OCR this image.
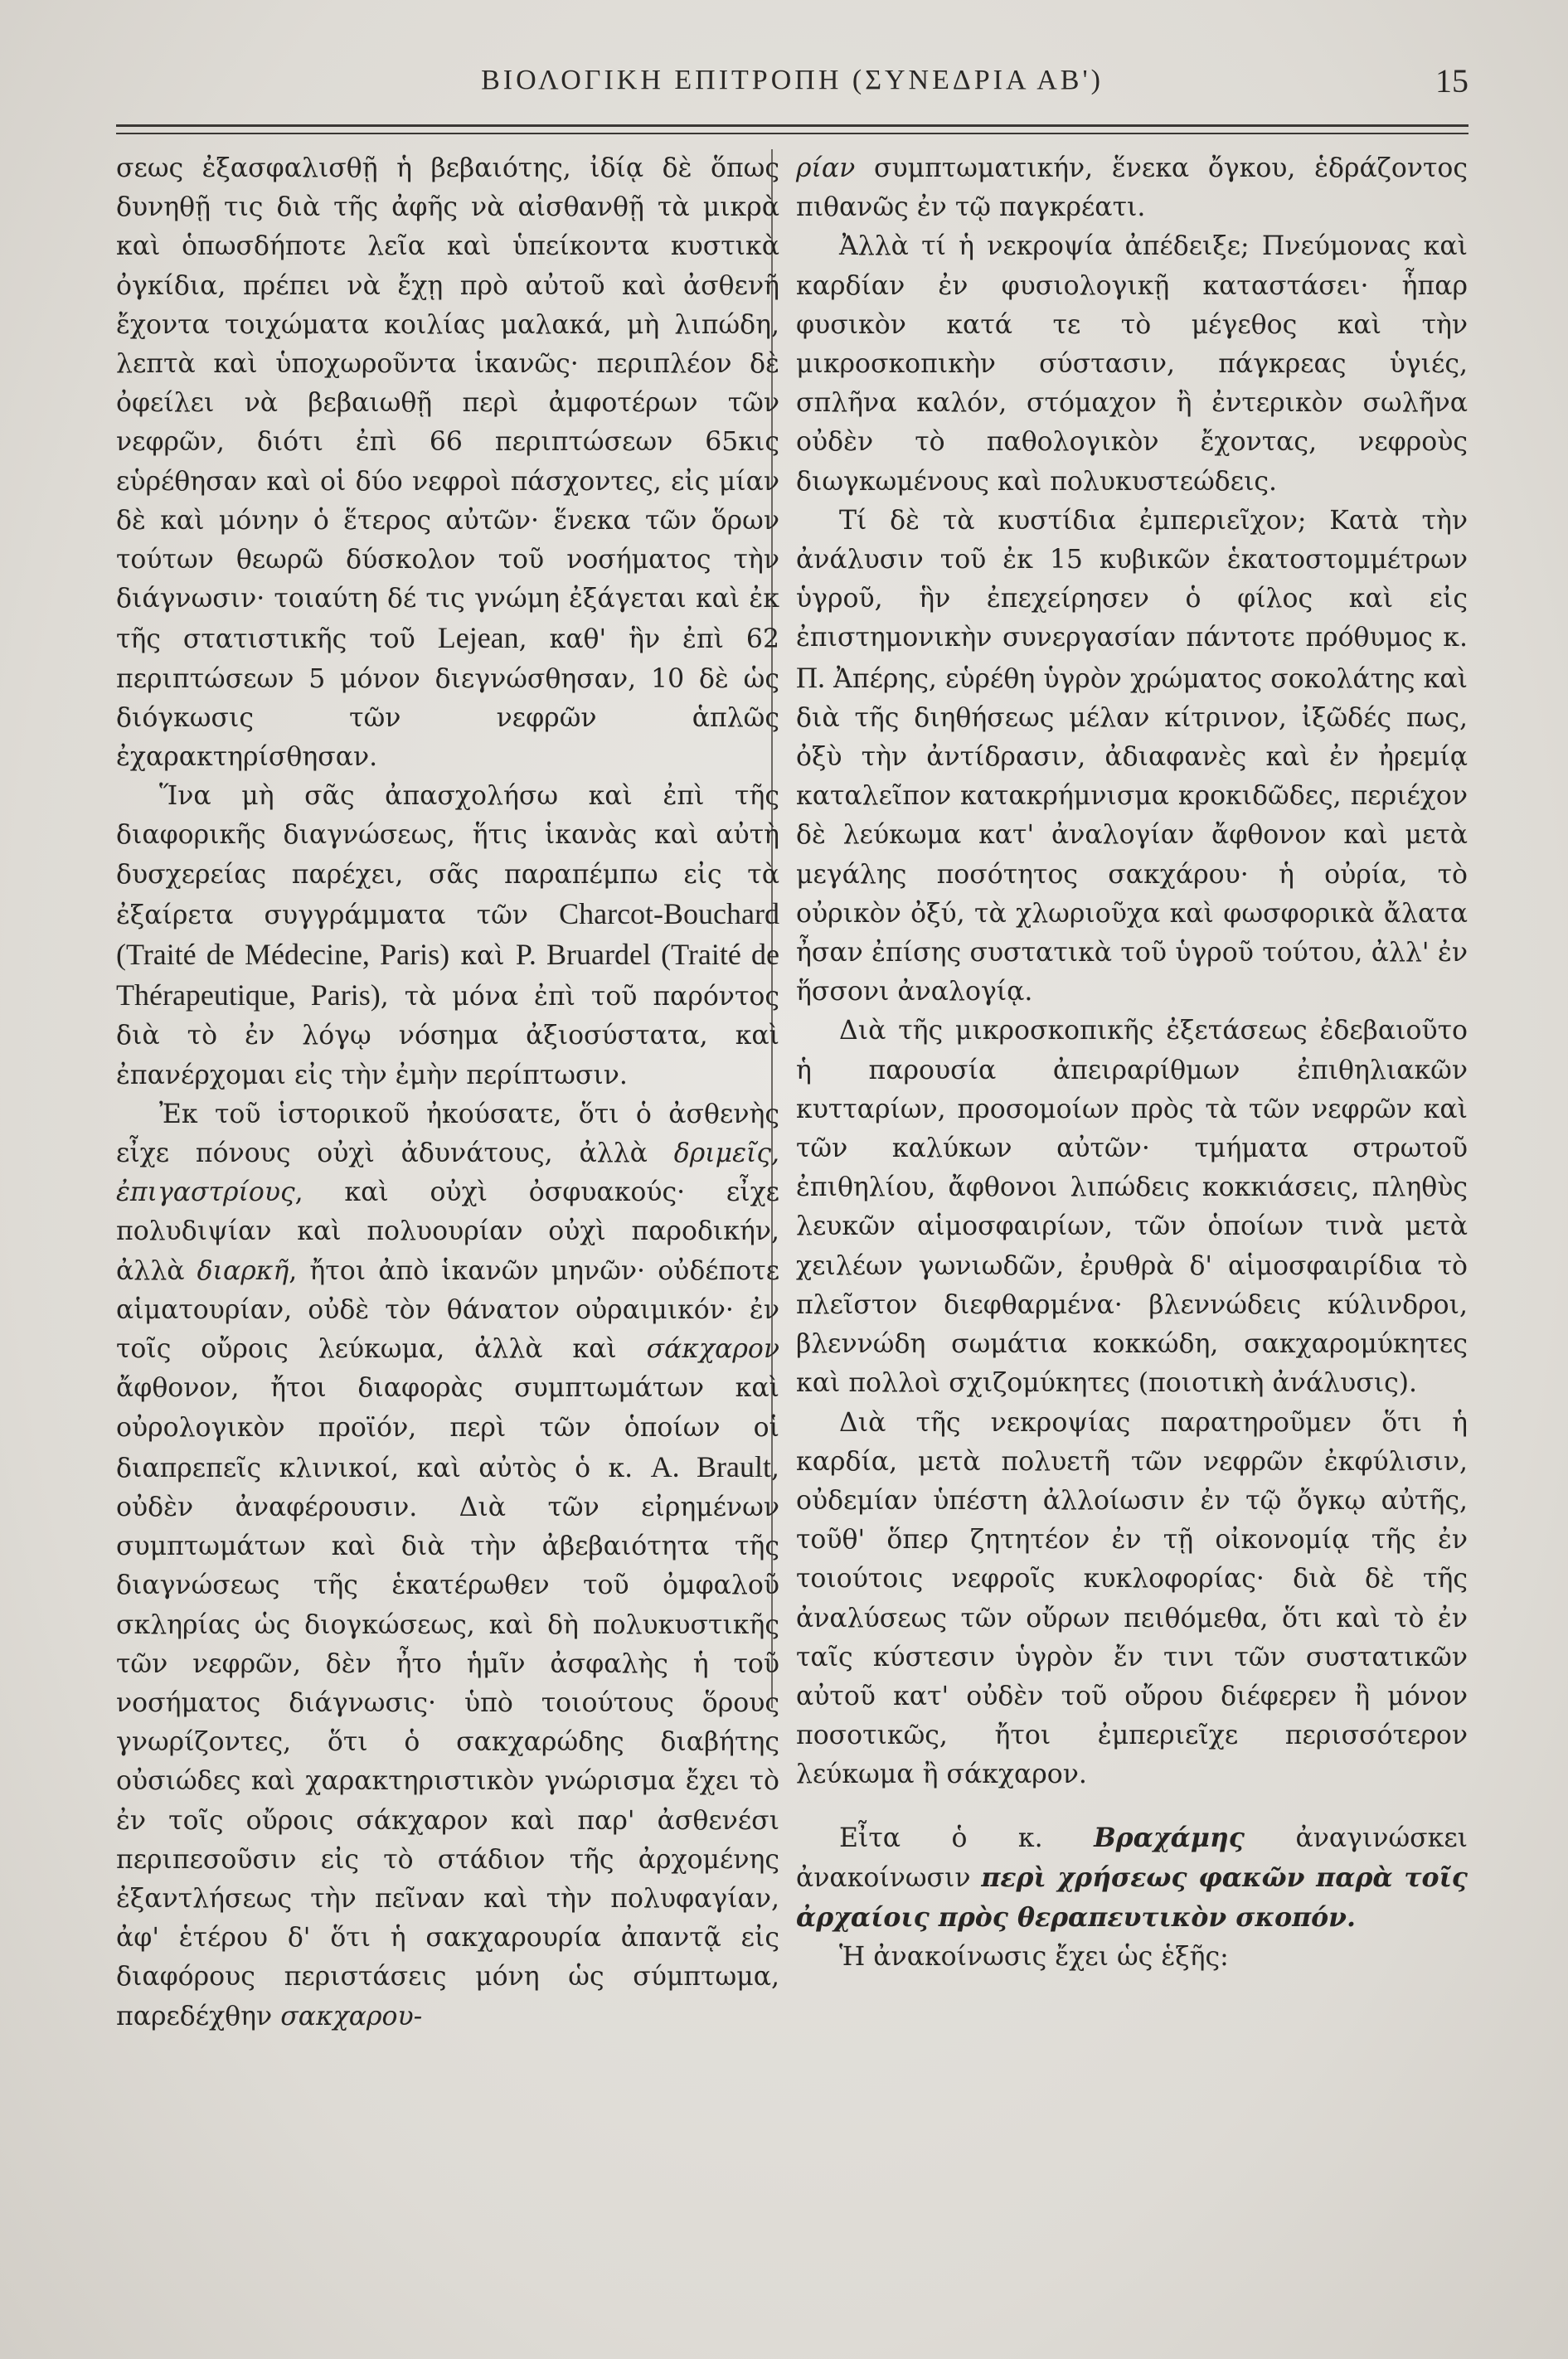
ΒΙΟΛΟΓΙΚΗ ΕΠΙΤΡΟΠΗ (ΣΥΝΕΔΡΙΑ ΑΒ')	15

σεως ἐξασφαλισθῇ ἡ βεβαιότης, ἰδίᾳ δὲ ὅπως δυνηθῇ τις διὰ τῆς ἀφῆς νὰ αἰσθανθῇ τὰ μικρὰ καὶ ὁπωσδήποτε λεῖα καὶ ὑπείκοντα κυστικὰ ὀγκίδια, πρέπει νὰ ἔχῃ πρὸ αὐτοῦ καὶ ἀσθενῆ ἔχοντα τοιχώματα κοιλίας μαλακά, μὴ λιπώδη, λεπτὰ καὶ ὑποχωροῦντα ἱκανῶς· περιπλέον δὲ ὀφείλει νὰ βεβαιωθῇ περὶ ἀμφοτέρων τῶν νεφρῶν, διότι ἐπὶ 66 περιπτώσεων 65κις εὑρέθησαν καὶ οἱ δύο νεφροὶ πάσχοντες, εἰς μίαν δὲ καὶ μόνην ὁ ἕτερος αὐτῶν· ἕνεκα τῶν ὅρων τούτων θεωρῶ δύσκολον τοῦ νοσήματος τὴν διάγνωσιν· τοιαύτη δέ τις γνώμη ἐξάγεται καὶ ἐκ τῆς στατιστικῆς τοῦ Lejean, καθ' ἣν ἐπὶ 62 περιπτώσεων 5 μόνον διεγνώσθησαν, 10 δὲ ὡς διόγκωσις τῶν νεφρῶν ἁπλῶς ἐχαρακτηρίσθησαν.

Ἵνα μὴ σᾶς ἀπασχολήσω καὶ ἐπὶ τῆς διαφορικῆς διαγνώσεως, ἥτις ἱκανὰς καὶ αὐτὴ δυσχερείας παρέχει, σᾶς παραπέμπω εἰς τὰ ἐξαίρετα συγγράμματα τῶν Charcot-Bouchard (Traité de Médecine, Paris) καὶ P. Bruardel (Traité de Thérapeutique, Paris), τὰ μόνα ἐπὶ τοῦ παρόντος διὰ τὸ ἐν λόγῳ νόσημα ἀξιοσύστατα, καὶ ἐπανέρχομαι εἰς τὴν ἐμὴν περίπτωσιν.

Ἐκ τοῦ ἱστορικοῦ ἠκούσατε, ὅτι ὁ ἀσθενὴς εἶχε πόνους οὐχὶ ἀδυνάτους, ἀλλὰ δριμεῖς, ἐπιγαστρίους, καὶ οὐχὶ ὀσφυακούς· εἶχε πολυδιψίαν καὶ πολυουρίαν οὐχὶ παροδικήν, ἀλλὰ διαρκῆ, ἤτοι ἀπὸ ἱκανῶν μηνῶν· οὐδέποτε αἱματουρίαν, οὐδὲ τὸν θάνατον οὐραιμικόν· ἐν τοῖς οὔροις λεύκωμα, ἀλλὰ καὶ σάκχαρον ἄφθονον, ἤτοι διαφορὰς συμπτωμάτων καὶ οὐρολογικὸν προϊόν, περὶ τῶν ὁποίων οἱ διαπρεπεῖς κλινικοί, καὶ αὐτὸς ὁ κ. A. Brault, οὐδὲν ἀναφέρουσιν. Διὰ τῶν εἰρημένων συμπτωμάτων καὶ διὰ τὴν ἀβεβαιότητα τῆς διαγνώσεως τῆς ἑκατέρωθεν τοῦ ὀμφαλοῦ σκληρίας ὡς διογκώσεως, καὶ δὴ πολυκυστικῆς τῶν νεφρῶν, δὲν ἦτο ἡμῖν ἀσφαλὴς ἡ τοῦ νοσήματος διάγνωσις· ὑπὸ τοιούτους ὅρους γνωρίζοντες, ὅτι ὁ σακχαρώδης διαβήτης οὐσιώδες καὶ χαρακτηριστικὸν γνώρισμα ἔχει τὸ ἐν τοῖς οὔροις σάκχαρον καὶ παρ' ἀσθενέσι περιπεσοῦσιν εἰς τὸ στάδιον τῆς ἀρχομένης ἐξαντλήσεως τὴν πεῖναν καὶ τὴν πολυφαγίαν, ἀφ' ἑτέρου δ' ὅτι ἡ σακχαρουρία ἀπαντᾷ εἰς διαφόρους περιστάσεις μόνη ὡς σύμπτωμα, παρεδέχθην σακχαρου-

ρίαν συμπτωματικήν, ἕνεκα ὄγκου, ἑδράζοντος πιθανῶς ἐν τῷ παγκρέατι.

Ἀλλὰ τί ἡ νεκροψία ἀπέδειξε; Πνεύμονας καὶ καρδίαν ἐν φυσιολογικῇ καταστάσει· ἧπαρ φυσικὸν κατά τε τὸ μέγεθος καὶ τὴν μικροσκοπικὴν σύστασιν, πάγκρεας ὑγιές, σπλῆνα καλόν, στόμαχον ἢ ἐντερικὸν σωλῆνα οὐδὲν τὸ παθολογικὸν ἔχοντας, νεφροὺς διωγκωμένους καὶ πολυκυστεώδεις.

Τί δὲ τὰ κυστίδια ἐμπεριεῖχον; Κατὰ τὴν ἀνάλυσιν τοῦ ἐκ 15 κυβικῶν ἑκατοστομμέτρων ὑγροῦ, ἣν ἐπεχείρησεν ὁ φίλος καὶ εἰς ἐπιστημονικὴν συνεργασίαν πάντοτε πρόθυμος κ. Π. Ἀπέρης, εὑρέθη ὑγρὸν χρώματος σοκολάτης καὶ διὰ τῆς διηθήσεως μέλαν κίτρινον, ἰξῶδές πως, ὀξὺ τὴν ἀντίδρασιν, ἀδιαφανὲς καὶ ἐν ἠρεμίᾳ καταλεῖπον κατακρήμνισμα κροκιδῶδες, περιέχον δὲ λεύκωμα κατ' ἀναλογίαν ἄφθονον καὶ μετὰ μεγάλης ποσότητος σακχάρου· ἡ οὐρία, τὸ οὐρικὸν ὀξύ, τὰ χλωριοῦχα καὶ φωσφορικὰ ἄλατα ἦσαν ἐπίσης συστατικὰ τοῦ ὑγροῦ τούτου, ἀλλ' ἐν ἥσσονι ἀναλογίᾳ.

Διὰ τῆς μικροσκοπικῆς ἐξετάσεως ἐδεβαιοῦτο ἡ παρουσία ἀπειραρίθμων ἐπιθηλιακῶν κυτταρίων, προσομοίων πρὸς τὰ τῶν νεφρῶν καὶ τῶν καλύκων αὐτῶν· τμήματα στρωτοῦ ἐπιθηλίου, ἄφθονοι λιπώδεις κοκκιάσεις, πληθὺς λευκῶν αἱμοσφαιρίων, τῶν ὁποίων τινὰ μετὰ χειλέων γωνιωδῶν, ἐρυθρὰ δ' αἱμοσφαιρίδια τὸ πλεῖστον διεφθαρμένα· βλεννώδεις κύλινδροι, βλεννώδη σωμάτια κοκκώδη, σακχαρομύκητες καὶ πολλοὶ σχιζομύκητες (ποιοτικὴ ἀνάλυσις).

Διὰ τῆς νεκροψίας παρατηροῦμεν ὅτι ἡ καρδία, μετὰ πολυετῆ τῶν νεφρῶν ἐκφύλισιν, οὐδεμίαν ὑπέστη ἀλλοίωσιν ἐν τῷ ὄγκῳ αὐτῆς, τοῦθ' ὅπερ ζητητέον ἐν τῇ οἰκονομίᾳ τῆς ἐν τοιούτοις νεφροῖς κυκλοφορίας· διὰ δὲ τῆς ἀναλύσεως τῶν οὔρων πειθόμεθα, ὅτι καὶ τὸ ἐν ταῖς κύστεσιν ὑγρὸν ἔν τινι τῶν συστατικῶν αὐτοῦ κατ' οὐδὲν τοῦ οὔρου διέφερεν ἢ μόνον ποσοτικῶς, ἤτοι ἐμπεριεῖχε περισσότερον λεύκωμα ἢ σάκχαρον.

Εἶτα ὁ κ. Βραχάμης ἀναγινώσκει ἀνακοίνωσιν περὶ χρήσεως φακῶν παρὰ τοῖς ἀρχαίοις πρὸς θεραπευτικὸν σκοπόν.

Ἡ ἀνακοίνωσις ἔχει ὡς ἑξῆς:
